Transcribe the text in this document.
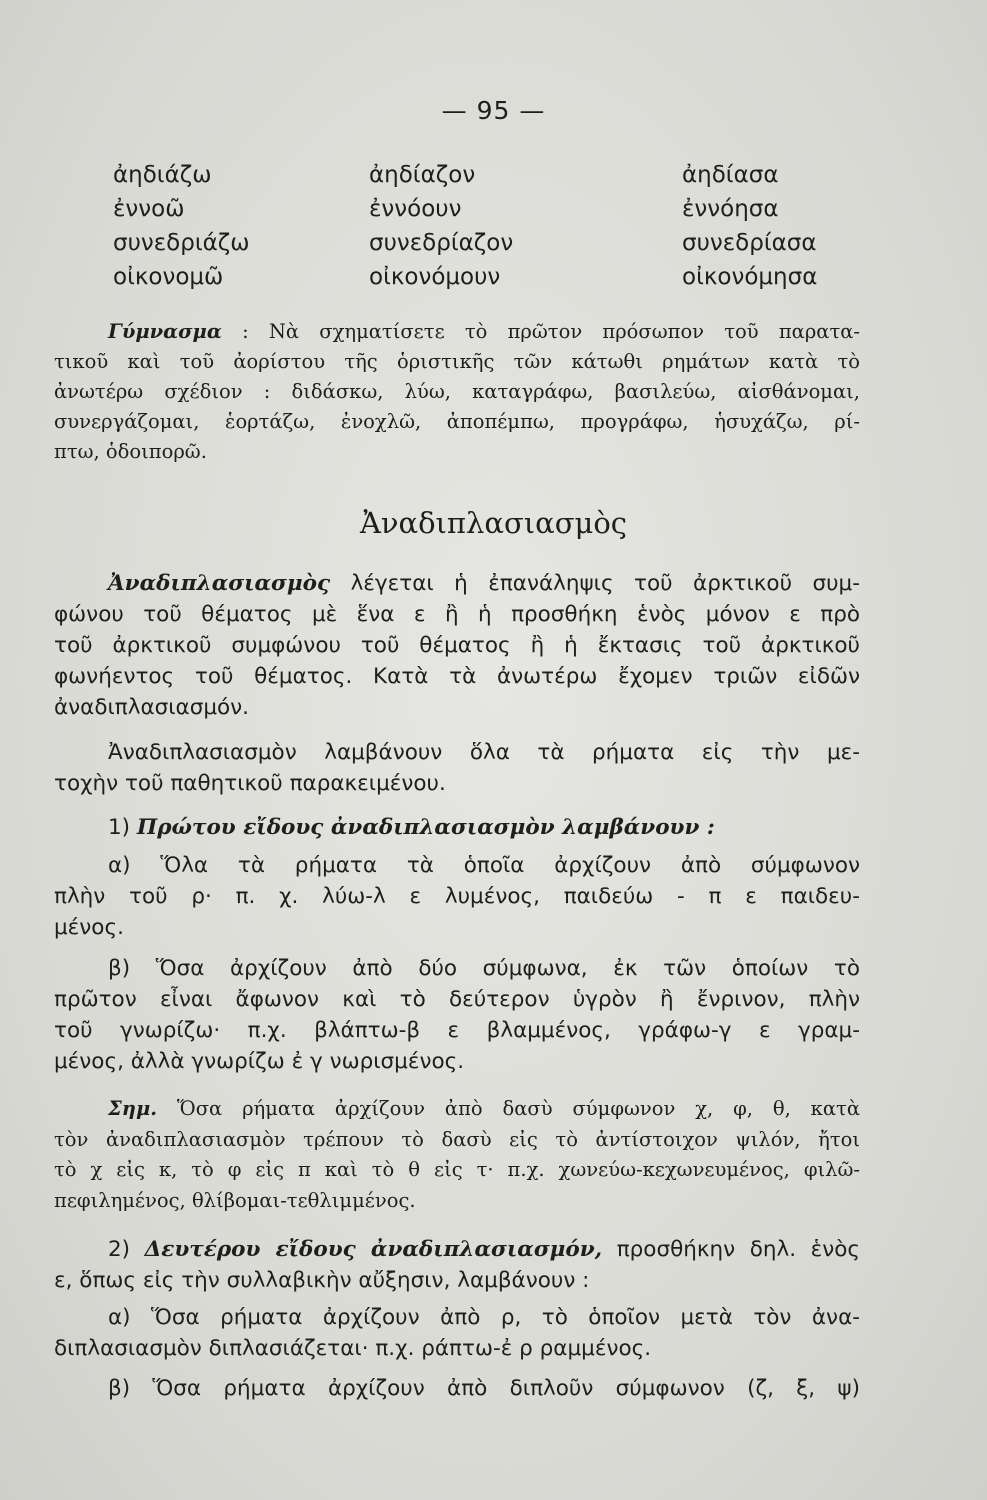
— 95 —
ἀηδιάζω	ἀηδίαζον	ἀηδίασα
ἐννοῶ	ἐννόουν	ἐννόησα
συνεδριάζω	συνεδρίαζον	συνεδρίασα
οἰκονομῶ	οἰκονόμουν	οἰκονόμησα
Γύμνασμα : Νὰ σχηματίσετε τὸ πρῶτον πρόσωπον τοῦ παρατα-
τικοῦ καὶ τοῦ ἀορίστου τῆς ὁριστικῆς τῶν κάτωθι ρημάτων κατὰ τὸ
ἀνωτέρω σχέδιον : διδάσκω, λύω, καταγράφω, βασιλεύω, αἰσθάνομαι,
συνεργάζομαι, ἑορτάζω, ἐνοχλῶ, ἀποπέμπω, προγράφω, ἡσυχάζω, ρί-
πτω, ὁδοιπορῶ.
Ἀναδιπλασιασμὸς
Ἀναδιπλασιασμὸς λέγεται ἡ ἐπανάληψις τοῦ ἀρκτικοῦ συμ-
φώνου τοῦ θέματος μὲ ἕνα ε ἢ ἡ προσθήκη ἑνὸς μόνον ε πρὸ
τοῦ ἀρκτικοῦ συμφώνου τοῦ θέματος ἢ ἡ ἔκτασις τοῦ ἀρκτικοῦ
φωνήεντος τοῦ θέματος. Κατὰ τὰ ἀνωτέρω ἔχομεν τριῶν εἰδῶν
ἀναδιπλασιασμόν.
Ἀναδιπλασιασμὸν λαμβάνουν ὅλα τὰ ρήματα εἰς τὴν με-
τοχὴν τοῦ παθητικοῦ παρακειμένου.
1) Πρώτου εἴδους ἀναδιπλασιασμὸν λαμβάνουν :
α) Ὅλα τὰ ρήματα τὰ ὁποῖα ἀρχίζουν ἀπὸ σύμφωνον
πλὴν τοῦ ρ· π. χ. λύω-λ ε λυμένος, παιδεύω - π ε παιδευ-
μένος.
β) Ὅσα ἀρχίζουν ἀπὸ δύο σύμφωνα, ἐκ τῶν ὁποίων τὸ
πρῶτον εἶναι ἄφωνον καὶ τὸ δεύτερον ὑγρὸν ἢ ἔνρινον, πλὴν
τοῦ γνωρίζω· π.χ. βλάπτω-β ε βλαμμένος, γράφω-γ ε γραμ-
μένος, ἀλλὰ γνωρίζω ἐ γ νωρισμένος.
Σημ. Ὅσα ρήματα ἀρχίζουν ἀπὸ δασὺ σύμφωνον χ, φ, θ, κατὰ
τὸν ἀναδιπλασιασμὸν τρέπουν τὸ δασὺ εἰς τὸ ἀντίστοιχον ψιλόν, ἤτοι
τὸ χ εἰς κ, τὸ φ εἰς π καὶ τὸ θ εἰς τ· π.χ. χωνεύω-κεχωνευμένος, φιλῶ-
πεφιλημένος, θλίβομαι-τεθλιμμένος.
2) Δευτέρου εἴδους ἀναδιπλασιασμόν, προσθήκην δηλ. ἑνὸς
ε, ὅπως εἰς τὴν συλλαβικὴν αὔξησιν, λαμβάνουν :
α) Ὅσα ρήματα ἀρχίζουν ἀπὸ ρ, τὸ ὁποῖον μετὰ τὸν ἀνα-
διπλασιασμὸν διπλασιάζεται· π.χ. ράπτω-ἐ ρ ραμμένος.
β) Ὅσα ρήματα ἀρχίζουν ἀπὸ διπλοῦν σύμφωνον (ζ, ξ, ψ)
